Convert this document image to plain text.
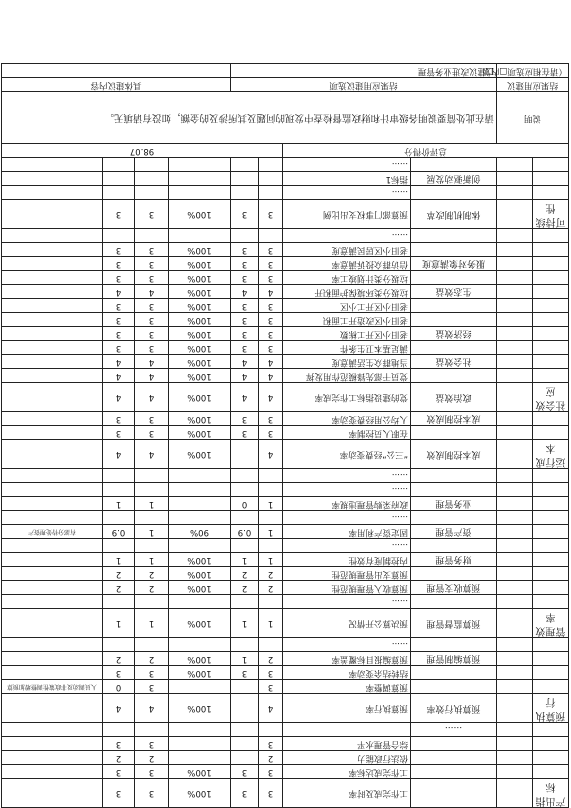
产出指标			工作完成及时率	3	3	100%	3	3	
			工作完成达标率	3	3	100%	3	3	
			依法行政能力	2			2	2	
			综合管理水平	3			3	3	
		......							
预算执行		预算执行效率	预算执行率	4		100%	4	4	
			预算调整率	3			3	0	人员调动及非政策性调整增加预算
			结转结余变动率	3	3	100%	3	3	
		预算编制管理	预算编报目标覆盖率	2	1	100%	2	2	
			......						
管理效率		预算监督管理	预决算公开情况	1	1	100%	1	1	
			......						
		预算收支管理	预算收入管理规范性	2	2	100%	2	2	
			预算支出管理规范性	2	2	100%	2	2	
		财务管理	内控制度有效性	1	1	100%	1	1	
			......						
		资产管理	固定资产利用率	1	0.9	90%	1	0.9	有部分待处理资产
			......						
		业务管理	政府采购管理违规率	1	0		1	1	
			......						
			......						
运行成本		成本控制成效	“三公”经费变动率	4		100%	4	4	
			在职人员控制率	3	3	100%	3	3	
		成本控制成效	人均公用经费变动率	3	3	100%	3	3	
社会效应		政治效益	党的建设指标工作完成率	4	4	100%	4	4	
			党员干部先锋模范作用发挥	4	4	100%	4	4	
		社会效益	当地群众生活满意度	4	4	100%	4	4	
			满足基本卫生条件	3	3	100%	3	3	
		经济效益	老旧小区开工栋数	3	3	100%	3	3	
			老旧小区改造开工面积	3	3	100%	3	3	
			老旧小区开工小区	3	3	100%	3	3	
		生态效益	垃圾分类环境保护面积开	4	4	100%	4	4	
			垃圾分类计划竣工率	3	3	100%	3	3	
		服务对象满意度	信访群众投诉满意率	3	3	100%	3	3	
			老旧小区居民满意度	3	3	100%	3	3	
			......						
可持续性		体制机制改革	预算部门事权支出比例	3	3	100%	3	3	
			......						
		创新驱动发展	指标1						
			......						
总评价得分				98.07					
说明		请在此处简要说明各级审计和财政监督检查中发现的问题及其所涉及的金额，如没有请填无。							
结果应用建议		结果应用建议选项				具体建议内容			
（请在相应选项□内划		□建议改进业务管理							
